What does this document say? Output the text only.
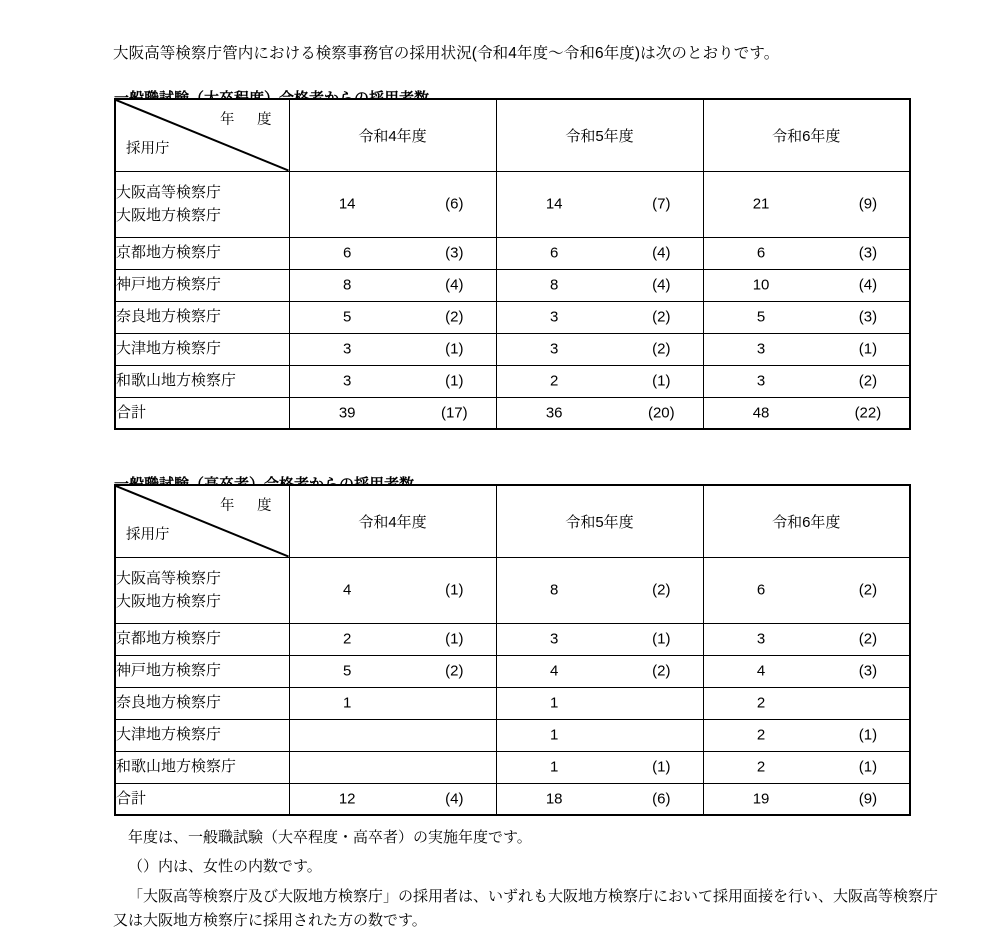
大阪高等検察庁管内における検察事務官の採用状況(令和4年度～令和6年度)は次のとおりです。

年　度
採用庁	令和4年度	令和5年度	令和6年度
大阪高等検察庁
大阪地方検察庁	14 (6)	14 (7)	21 (9)

京都地方検察庁	6 (3)	6 (4)	6 (3)

神戸地方検察庁	8 (4)	8 (4)	10 (4)

奈良地方検察庁	5 (2)	3 (2)	5 (3)

大津地方検察庁	3 (1)	3 (2)	3 (1)

和歌山地方検察庁	3 (1)	2 (1)	3 (2)

合計	39 (17)	36 (20)	48 (22)
年　度
採用庁	令和4年度	令和5年度	令和6年度
大阪高等検察庁
大阪地方検察庁	4 (1)	8 (2)	6 (2)

京都地方検察庁	2 (1)	3 (1)	3 (2)

神戸地方検察庁	5 (2)	4 (2)	4 (3)

奈良地方検察庁	1	1	2

大津地方検察庁		1	2 (1)

和歌山地方検察庁		1 (1)	2 (1)

合計	12 (4)	18 (6)	19 (9)

年度は、一般職試験（大卒程度・高卒者）の実施年度です。

（）内は、女性の内数です。

「大阪高等検察庁及び大阪地方検察庁」の採用者は、いずれも大阪地方検察庁において採用面接を行い、大阪高等検察庁又は大阪地方検察庁に採用された方の数です。
